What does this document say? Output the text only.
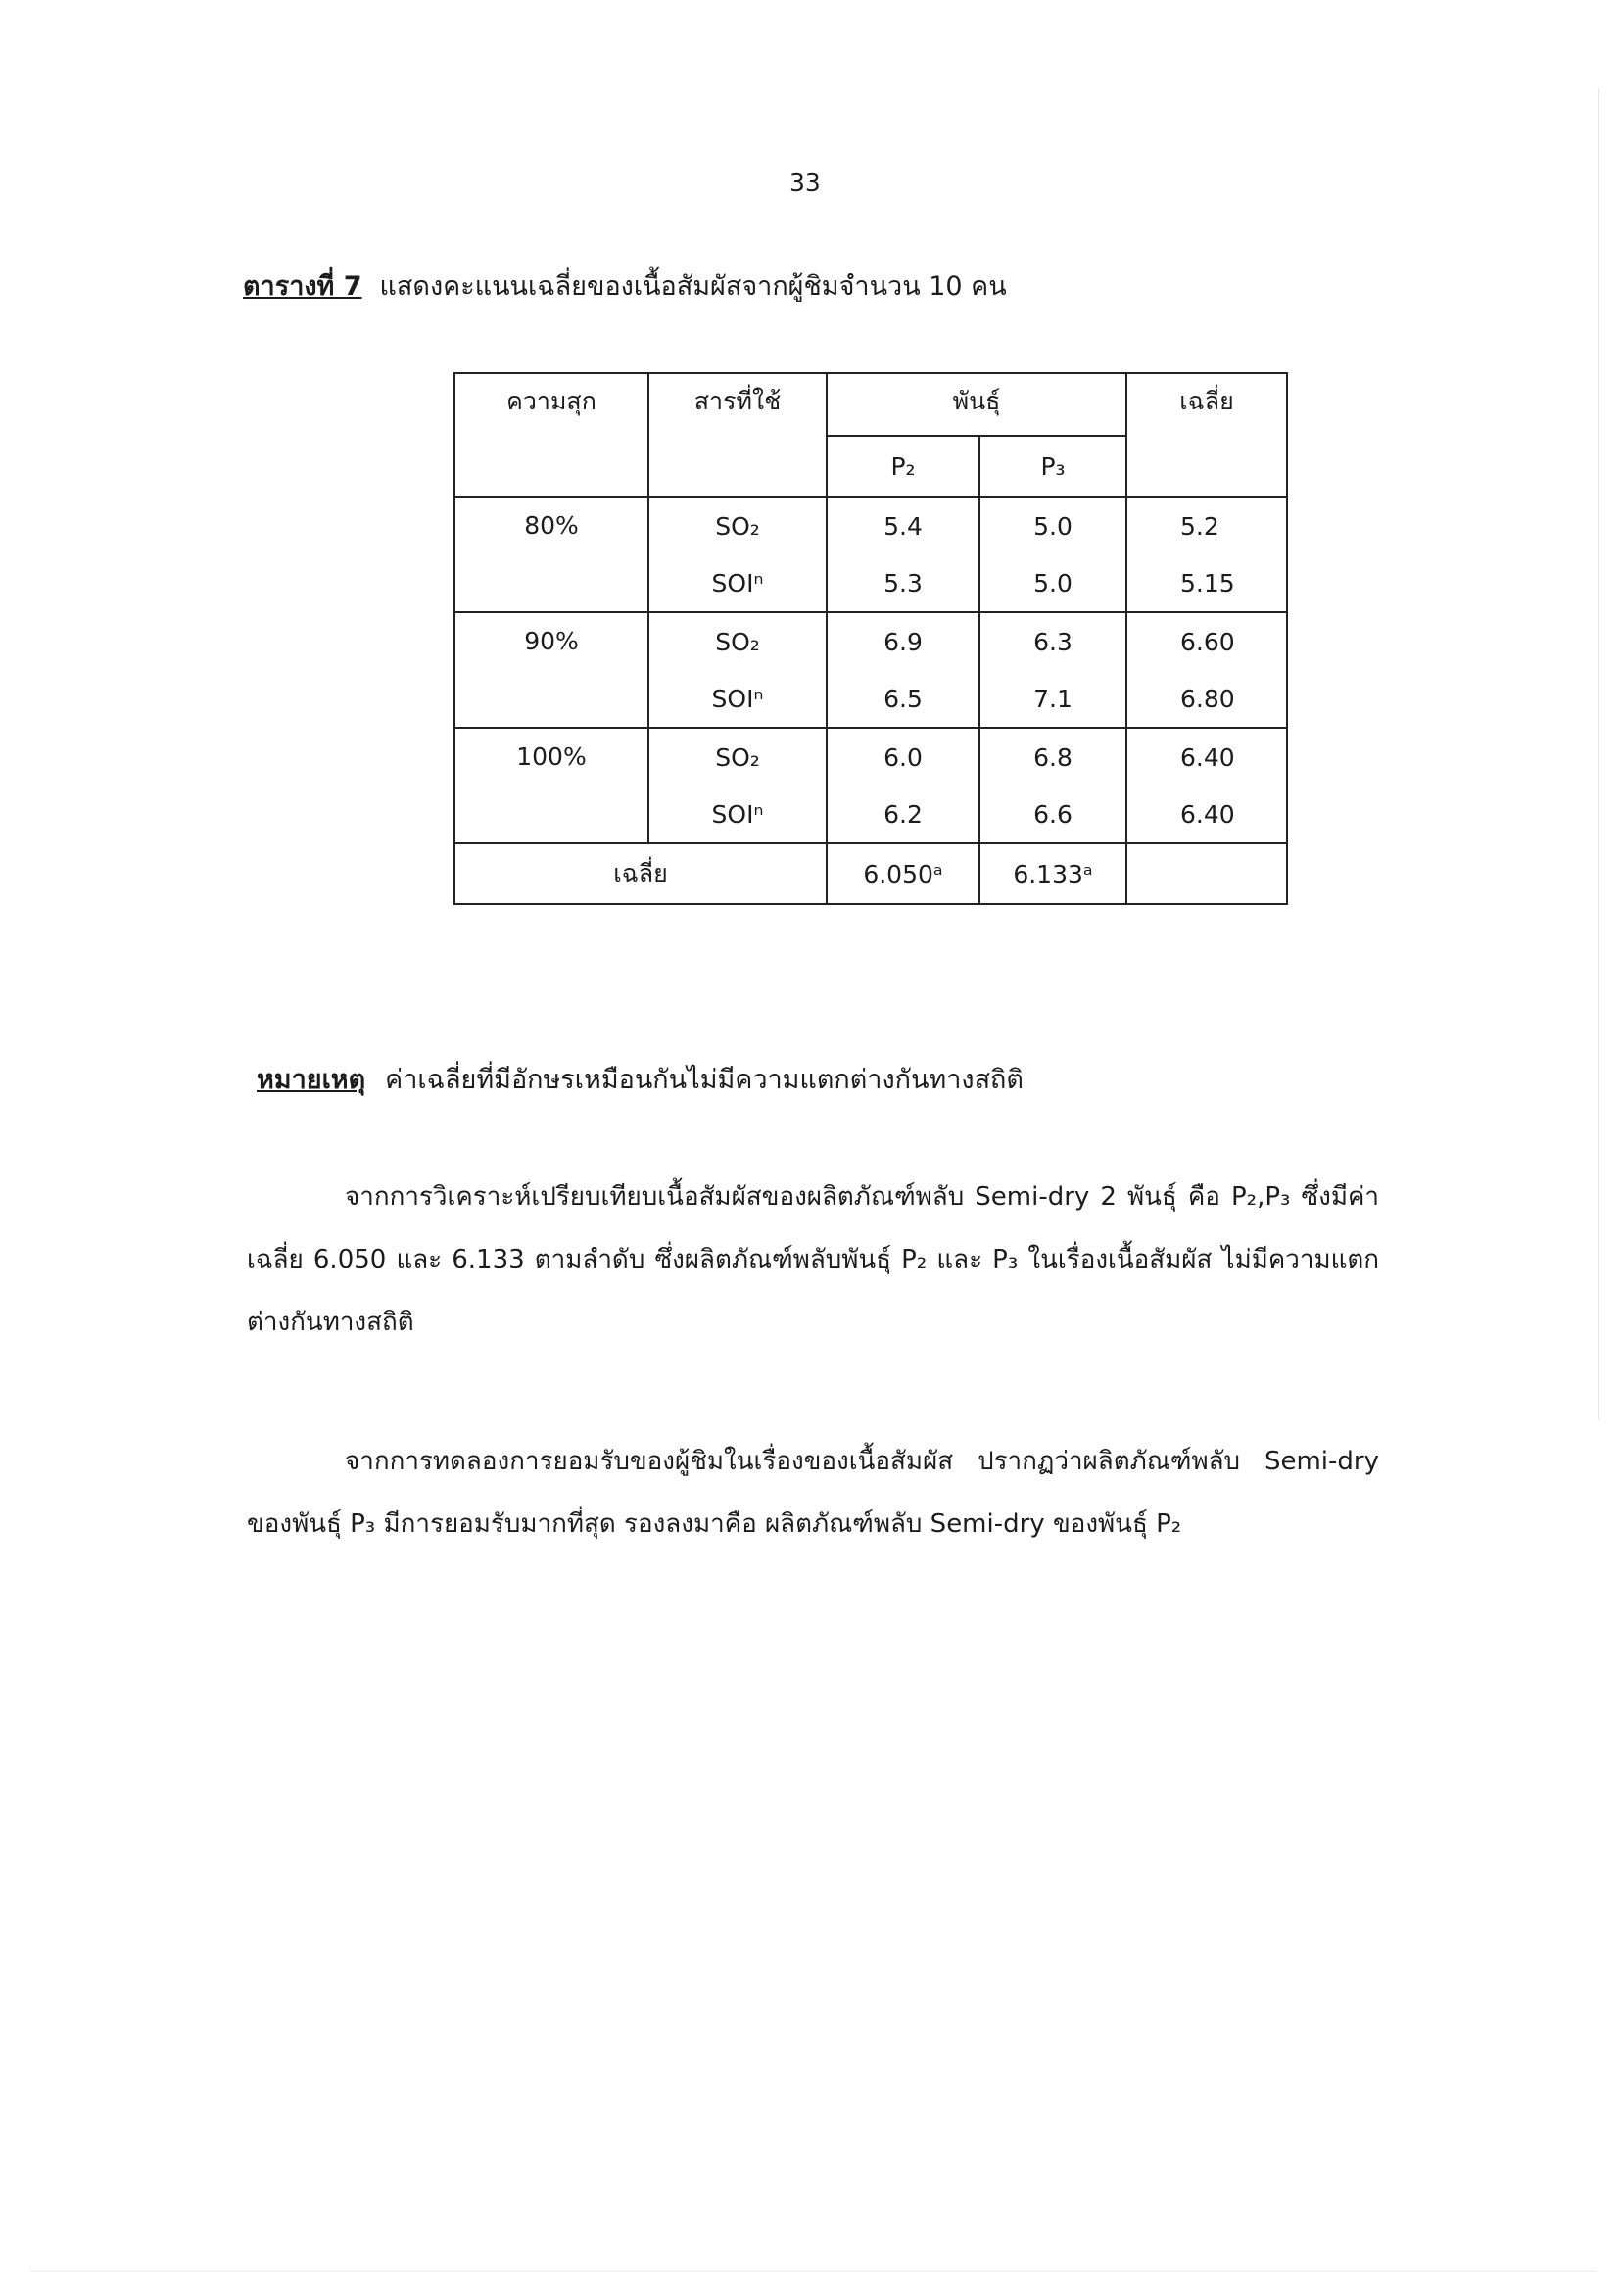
33
ตารางที่ 7 แสดงคะแนนเฉลี่ยของเนื้อสัมผัสจากผู้ชิมจำนวน 10 คน
ความสุก	สารที่ใช้	พันธุ์		เฉลี่ย
		P₂	P₃	
80%	SO₂	5.4	5.0	5.2
	SOIⁿ	5.3	5.0	5.15
90%	SO₂	6.9	6.3	6.60
	SOIⁿ	6.5	7.1	6.80
100%	SO₂	6.0	6.8	6.40
	SOIⁿ	6.2	6.6	6.40
เฉลี่ย		6.050ᵃ	6.133ᵃ	
หมายเหตุ ค่าเฉลี่ยที่มีอักษรเหมือนกันไม่มีความแตกต่างกันทางสถิติ
จากการวิเคราะห์เปรียบเทียบเนื้อสัมผัสของผลิตภัณฑ์พลับ Semi-dry 2 พันธุ์ คือ P₂,P₃ ซึ่งมีค่าเฉลี่ย 6.050 และ 6.133 ตามลำดับ ซึ่งผลิตภัณฑ์พลับพันธุ์ P₂ และ P₃ ในเรื่องเนื้อสัมผัส ไม่มีความแตกต่างกันทางสถิติ
จากการทดลองการยอมรับของผู้ชิมในเรื่องของเนื้อสัมผัส ปรากฏว่าผลิตภัณฑ์พลับ Semi-dry ของพันธุ์ P₃ มีการยอมรับมากที่สุด รองลงมาคือ ผลิตภัณฑ์พลับ Semi-dry ของพันธุ์ P₂
